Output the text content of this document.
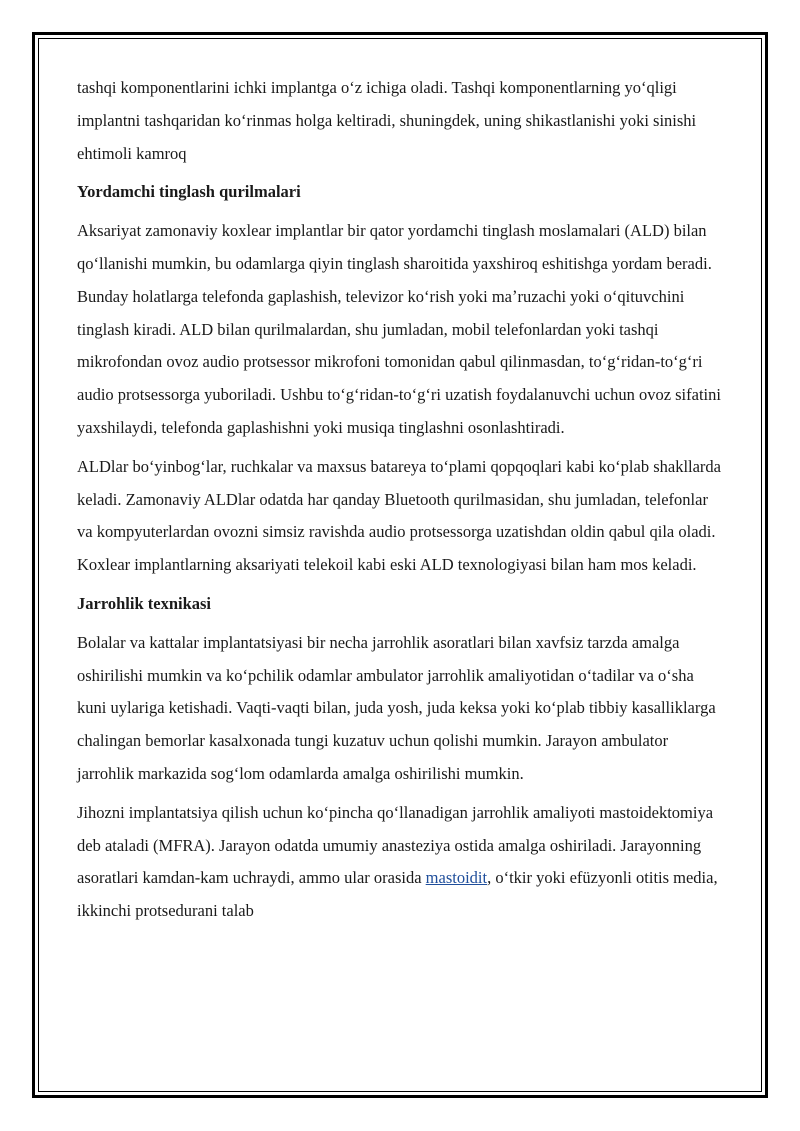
tashqi komponentlarini ichki implantga oʻz ichiga oladi. Tashqi komponentlarning yoʻqligi implantni tashqaridan koʻrinmas holga keltiradi, shuningdek, uning shikastlanishi yoki sinishi ehtimoli kamroq

Yordamchi tinglash qurilmalari

Aksariyat zamonaviy koxlear implantlar bir qator yordamchi tinglash moslamalari (ALD) bilan qoʻllanishi mumkin, bu odamlarga qiyin tinglash sharoitida yaxshiroq eshitishga yordam beradi. Bunday holatlarga telefonda gaplashish, televizor koʻrish yoki maʼruzachi yoki oʻqituvchini tinglash kiradi. ALD bilan qurilmalardan, shu jumladan, mobil telefonlardan yoki tashqi mikrofondan ovoz audio protsessor mikrofoni tomonidan qabul qilinmasdan, toʻgʻridan-toʻgʻri audio protsessorga yuboriladi. Ushbu toʻgʻridan-toʻgʻri uzatish foydalanuvchi uchun ovoz sifatini yaxshilaydi, telefonda gaplashishni yoki musiqa tinglashni osonlashtiradi.

ALDlar boʻyinbogʻlar, ruchkalar va maxsus batareya toʻplami qopqoqlari kabi koʻplab shakllarda keladi. Zamonaviy ALDlar odatda har qanday Bluetooth qurilmasidan, shu jumladan, telefonlar va kompyuterlardan ovozni simsiz ravishda audio protsessorga uzatishdan oldin qabul qila oladi. Koxlear implantlarning aksariyati telekoil kabi eski ALD texnologiyasi bilan ham mos keladi.

Jarrohlik texnikasi

Bolalar va kattalar implantatsiyasi bir necha jarrohlik asoratlari bilan xavfsiz tarzda amalga oshirilishi mumkin va koʻpchilik odamlar ambulator jarrohlik amaliyotidan oʻtadilar va oʻsha kuni uylariga ketishadi. Vaqti-vaqti bilan, juda yosh, juda keksa yoki koʻplab tibbiy kasalliklarga chalingan bemorlar kasalxonada tungi kuzatuv uchun qolishi mumkin. Jarayon ambulator jarrohlik markazida sogʻlom odamlarda amalga oshirilishi mumkin.

Jihozni implantatsiya qilish uchun koʻpincha qoʻllanadigan jarrohlik amaliyoti mastoidektomiya deb ataladi (MFRA). Jarayon odatda umumiy anasteziya ostida amalga oshiriladi. Jarayonning asoratlari kamdan-kam uchraydi, ammo ular orasida mastoidit, oʻtkir yoki efüzyonli otitis media, ikkinchi protsedurani talab
